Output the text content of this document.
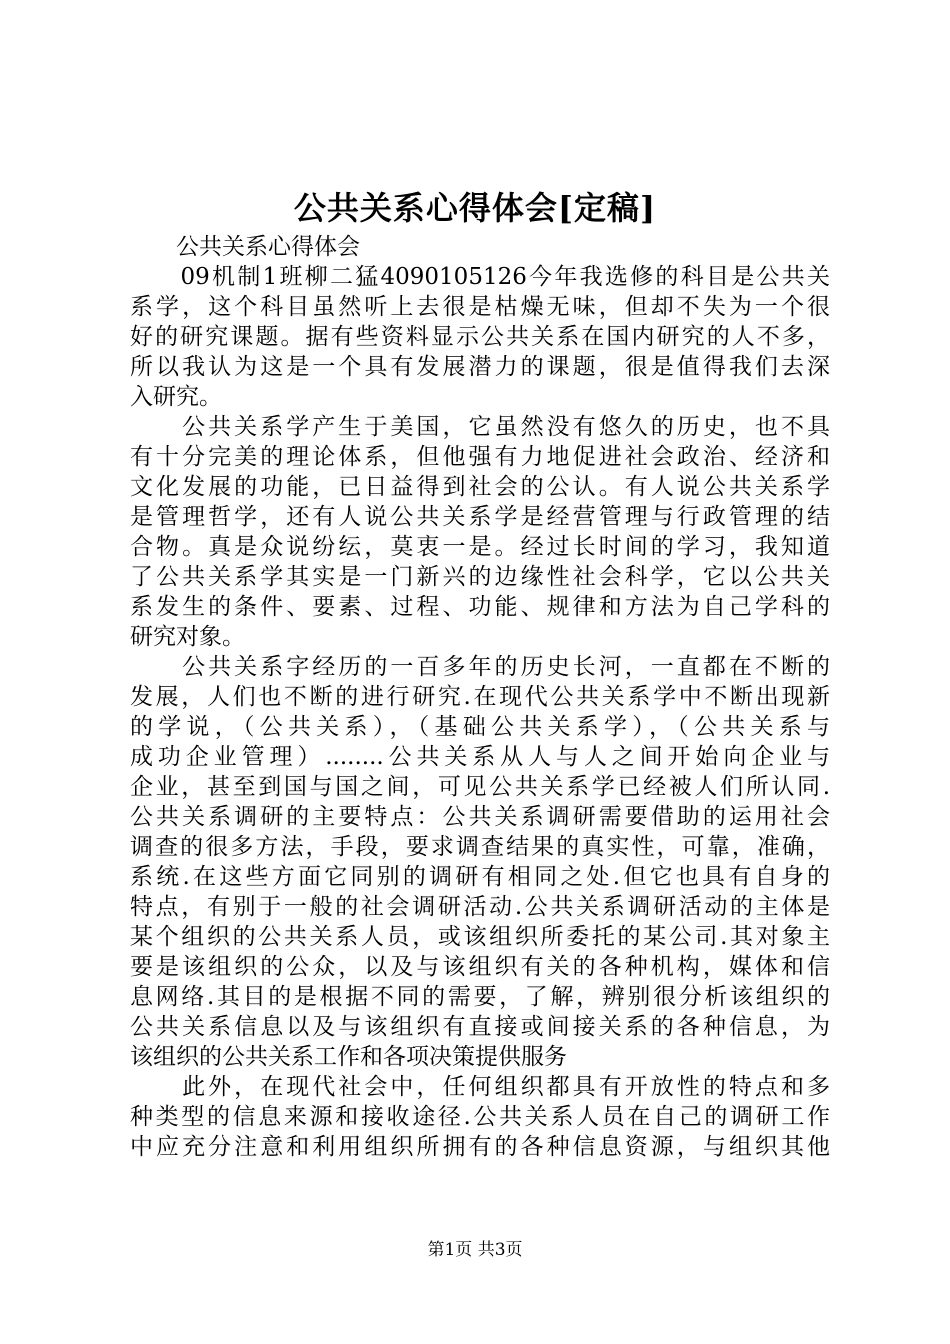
公共关系心得体会[定稿]
　　公共关系心得体会
　　09机制1班柳二猛4090105126今年我选修的科目是公共关
系学，这个科目虽然听上去很是枯燥无味，但却不失为一个很
好的研究课题。据有些资料显示公共关系在国内研究的人不多，
所以我认为这是一个具有发展潜力的课题，很是值得我们去深
入研究。
　　公共关系学产生于美国，它虽然没有悠久的历史，也不具
有十分完美的理论体系，但他强有力地促进社会政治、经济和
文化发展的功能，已日益得到社会的公认。有人说公共关系学
是管理哲学，还有人说公共关系学是经营管理与行政管理的结
合物。真是众说纷纭，莫衷一是。经过长时间的学习，我知道
了公共关系学其实是一门新兴的边缘性社会科学，它以公共关
系发生的条件、要素、过程、功能、规律和方法为自己学科的
研究对象。
　　公共关系字经历的一百多年的历史长河，一直都在不断的
发展，人们也不断的进行研究.在现代公共关系学中不断出现新
的学说，（公共关系），（基础公共关系学），（公共关系与
成功企业管理）........公共关系从人与人之间开始向企业与
企业，甚至到国与国之间，可见公共关系学已经被人们所认同.
公共关系调研的主要特点：公共关系调研需要借助的运用社会
调查的很多方法，手段，要求调查结果的真实性，可靠，准确，
系统.在这些方面它同别的调研有相同之处.但它也具有自身的
特点，有别于一般的社会调研活动.公共关系调研活动的主体是
某个组织的公共关系人员，或该组织所委托的某公司.其对象主
要是该组织的公众，以及与该组织有关的各种机构，媒体和信
息网络.其目的是根据不同的需要，了解，辨别很分析该组织的
公共关系信息以及与该组织有直接或间接关系的各种信息，为
该组织的公共关系工作和各项决策提供服务
　　此外，在现代社会中，任何组织都具有开放性的特点和多
种类型的信息来源和接收途径.公共关系人员在自己的调研工作
中应充分注意和利用组织所拥有的各种信息资源，与组织其他
第1页 共3页
